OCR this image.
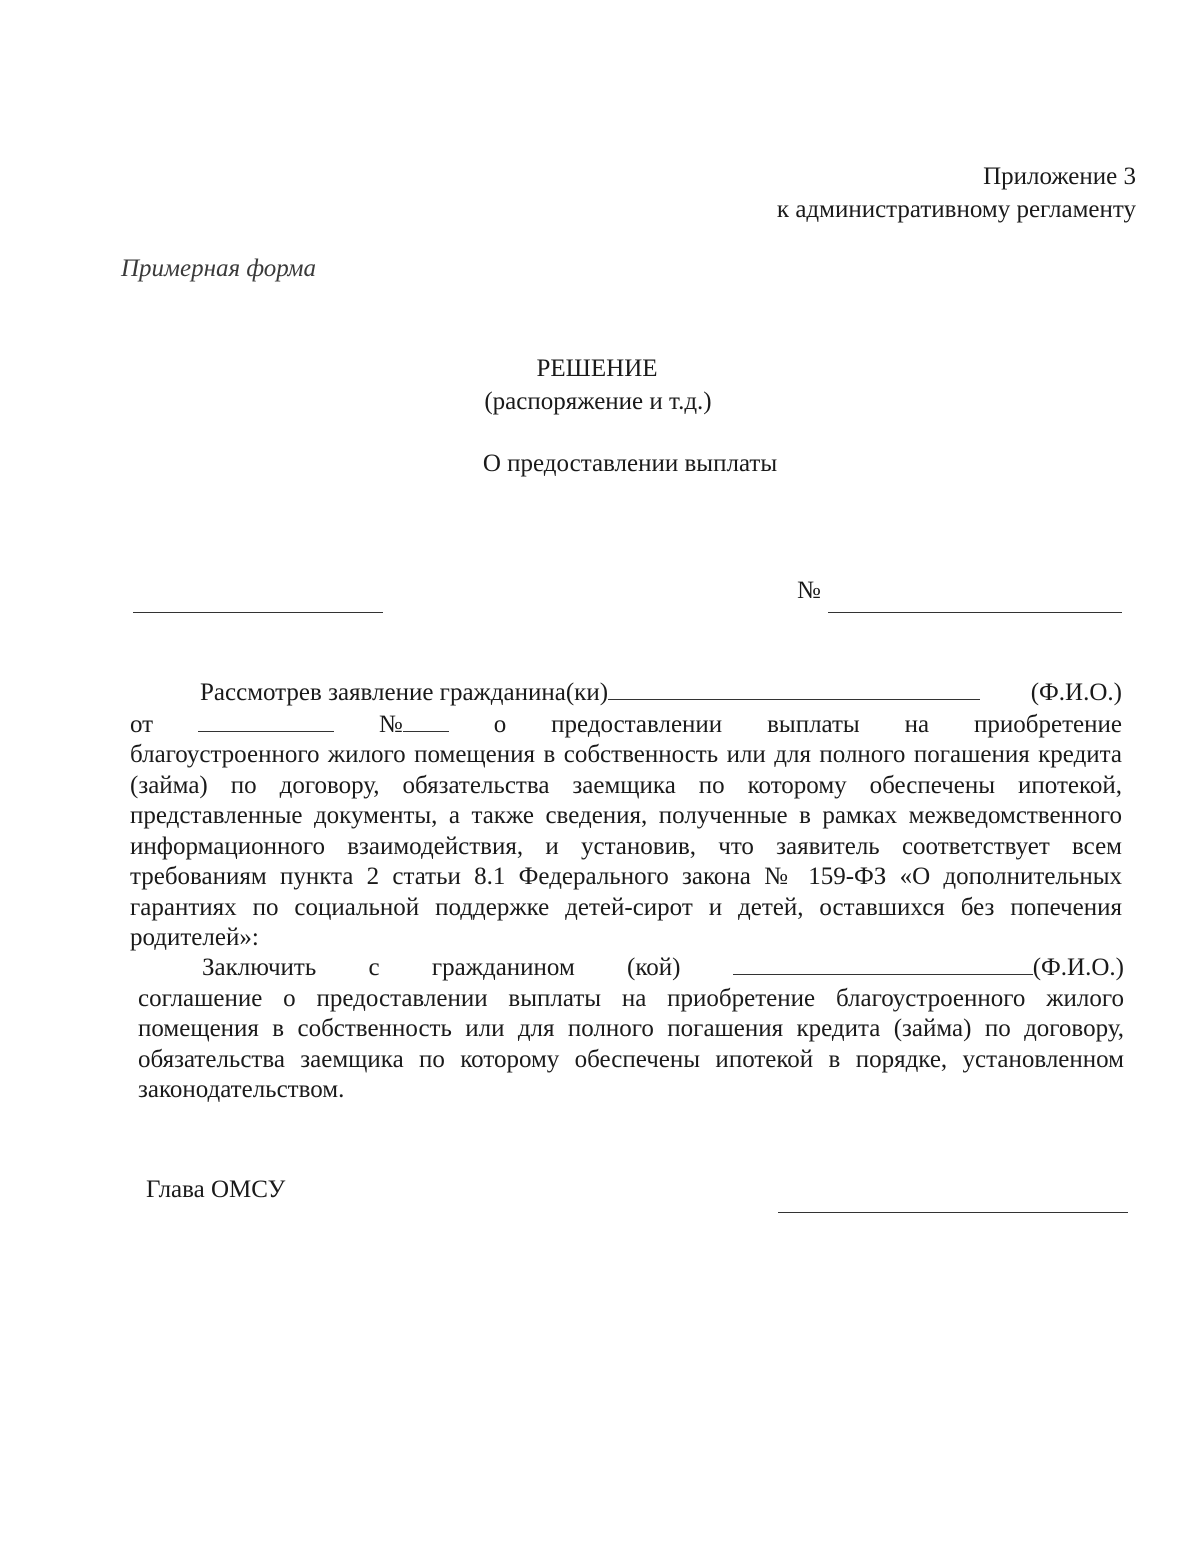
Приложение 3
к административному регламенту
Примерная форма
РЕШЕНИЕ
(распоряжение и т.д.)
О предоставлении выплаты
№
Рассмотрев заявление гражданина(ки)	(Ф.И.О.)
от	№	о предоставлении выплаты на приобретение

благоустроенного жилого помещения в собственность или для полного погашения кредита (займа) по договору, обязательства заемщика по которому обеспечены ипотекой, представленные документы, а также сведения, полученные в рамках межведомственного информационного взаимодействия, и установив, что заявитель соответствует всем требованиям пункта 2 статьи 8.1 Федерального закона № 159-ФЗ «О дополнительных гарантиях по социальной поддержке детей-сирот и детей, оставшихся без попечения родителей»:

Заключить с гражданином (кой)	(Ф.И.О.)

соглашение о предоставлении выплаты на приобретение благоустроенного жилого помещения в собственность или для полного погашения кредита (займа) по договору, обязательства заемщика по которому обеспечены ипотекой в порядке, установленном законодательством.

Глава ОМСУ
